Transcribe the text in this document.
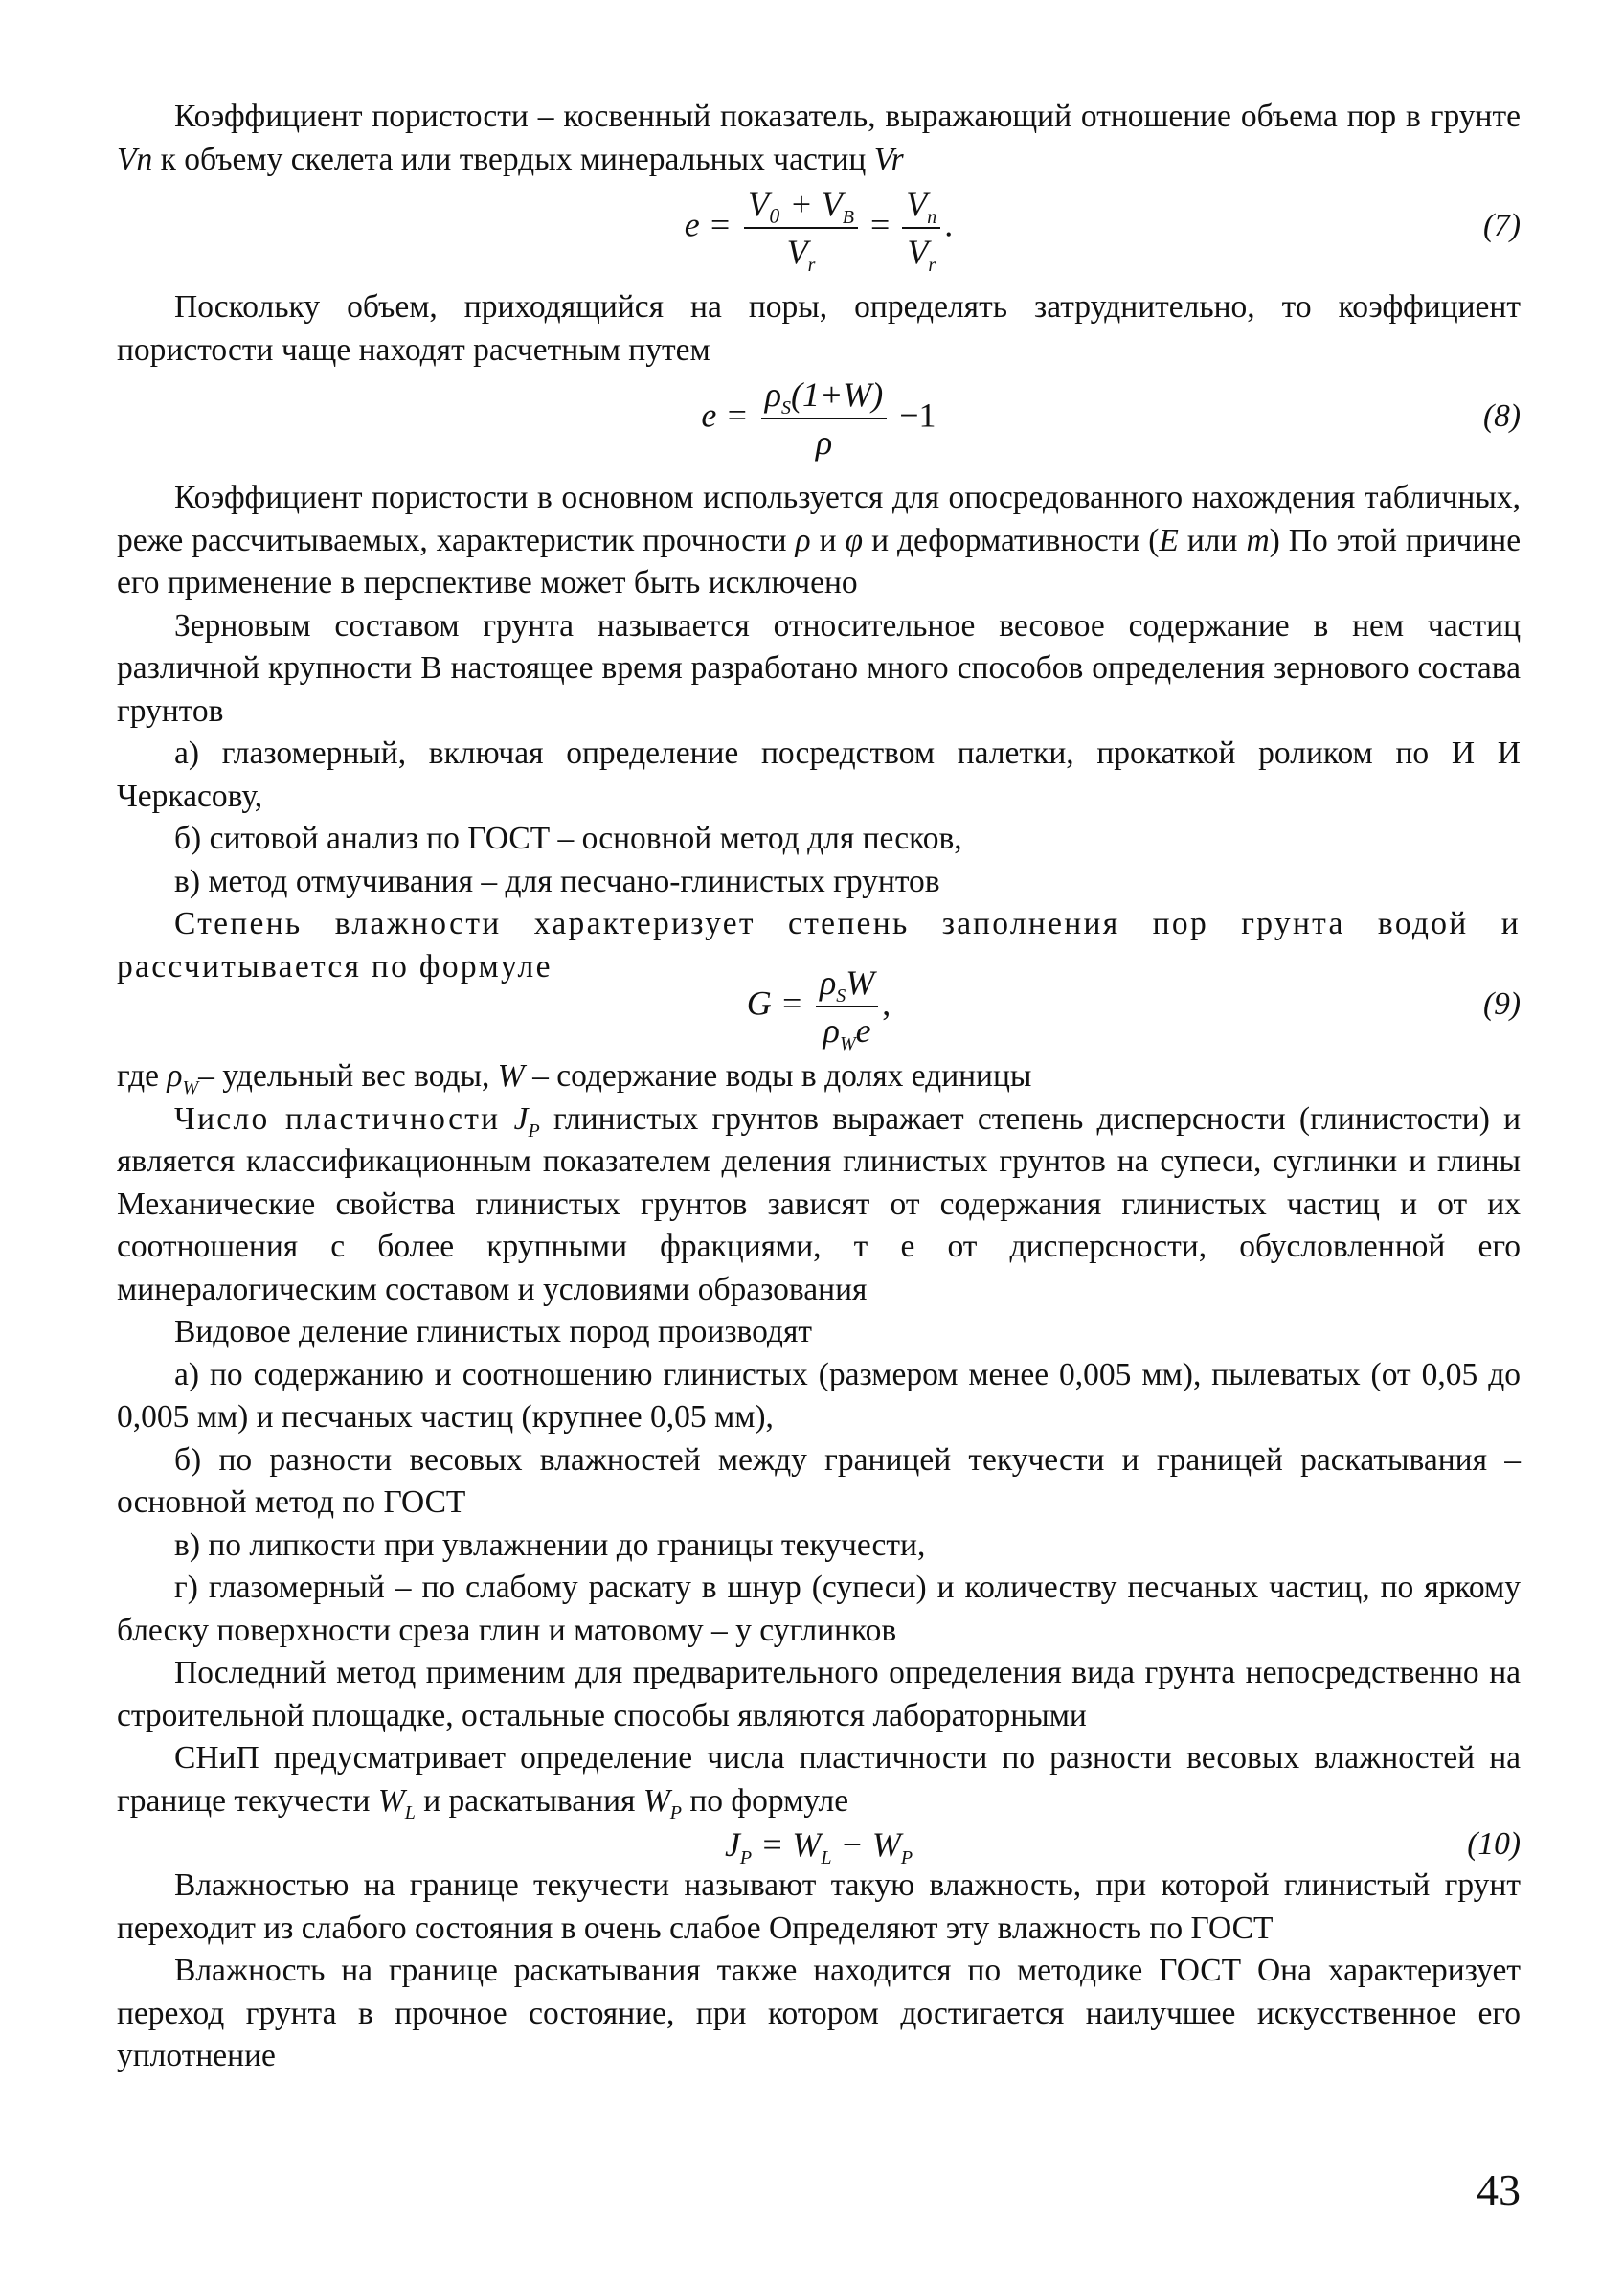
Коэффициент пористости – косвенный показатель, выражающий отношение объема пор в грунте Vn к объему скелета или твердых минеральных частиц Vr

$e = \frac{V_0 + V_B}{V_r} = \frac{V_п}{V_r}$ .	(7)

Поскольку объем, приходящийся на поры, определять затруднительно, то коэффициент пористости чаще находят расчетным путем

$e = \frac{\rho_S(1+W)}{\rho} -1$	(8)

Коэффициент пористости в основном используется для опосредованного нахождения табличных, реже рассчитываемых, характеристик прочности ρ и φ и деформативности (E или m) По этой причине его применение в перспективе может быть исключено

Зерновым составом грунта называется относительное весовое содержание в нем частиц различной крупности В настоящее время разработано много способов определения зернового состава грунтов

а) глазомерный, включая определение посредством палетки, прокаткой роликом по И И Черкасову,

б) ситовой анализ по ГОСТ – основной метод для песков,

в) метод отмучивания – для песчано-глинистых грунтов

Степень влажности характеризует степень заполнения пор грунта водой и рассчитывается по формуле

$G = \frac{\rho_SW}{\rho_We}$ ,	(9)

где $\rho_W-$ удельный вес воды, W – содержание воды в долях единицы

Число пластичности $J_P$ глинистых грунтов выражает степень дисперсности (глинистости) и является классификационным показателем деления глинистых грунтов на супеси, суглинки и глины Механические свойства глинистых грунтов зависят от содержания глинистых частиц и от их соотношения с более крупными фракциями, т е от дисперсности, обусловленной его минералогическим составом и условиями образования

Видовое деление глинистых пород производят

а) по содержанию и соотношению глинистых (размером менее 0,005 мм), пылеватых (от 0,05 до 0,005 мм) и песчаных частиц (крупнее 0,05 мм),

б) по разности весовых влажностей между границей текучести и границей раскатывания – основной метод по ГОСТ

в) по липкости при увлажнении до границы текучести,

г) глазомерный – по слабому раскату в шнур (супеси) и количеству песчаных частиц, по яркому блеску поверхности среза глин и матовому – у суглинков

Последний метод применим для предварительного определения вида грунта непосредственно на строительной площадке, остальные способы являются лабораторными

СНиП предусматривает определение числа пластичности по разности весовых влажностей на границе текучести $W_L$ и раскатывания $W_P$ по формуле

$J_P = W_L - W_P$	(10)

Влажностью на границе текучести называют такую влажность, при которой глинистый грунт переходит из слабого состояния в очень слабое Определяют эту влажность по ГОСТ

Влажность на границе раскатывания также находится по методике ГОСТ Она характеризует переход грунта в прочное состояние, при котором достигается наилучшее искусственное его уплотнение

43
